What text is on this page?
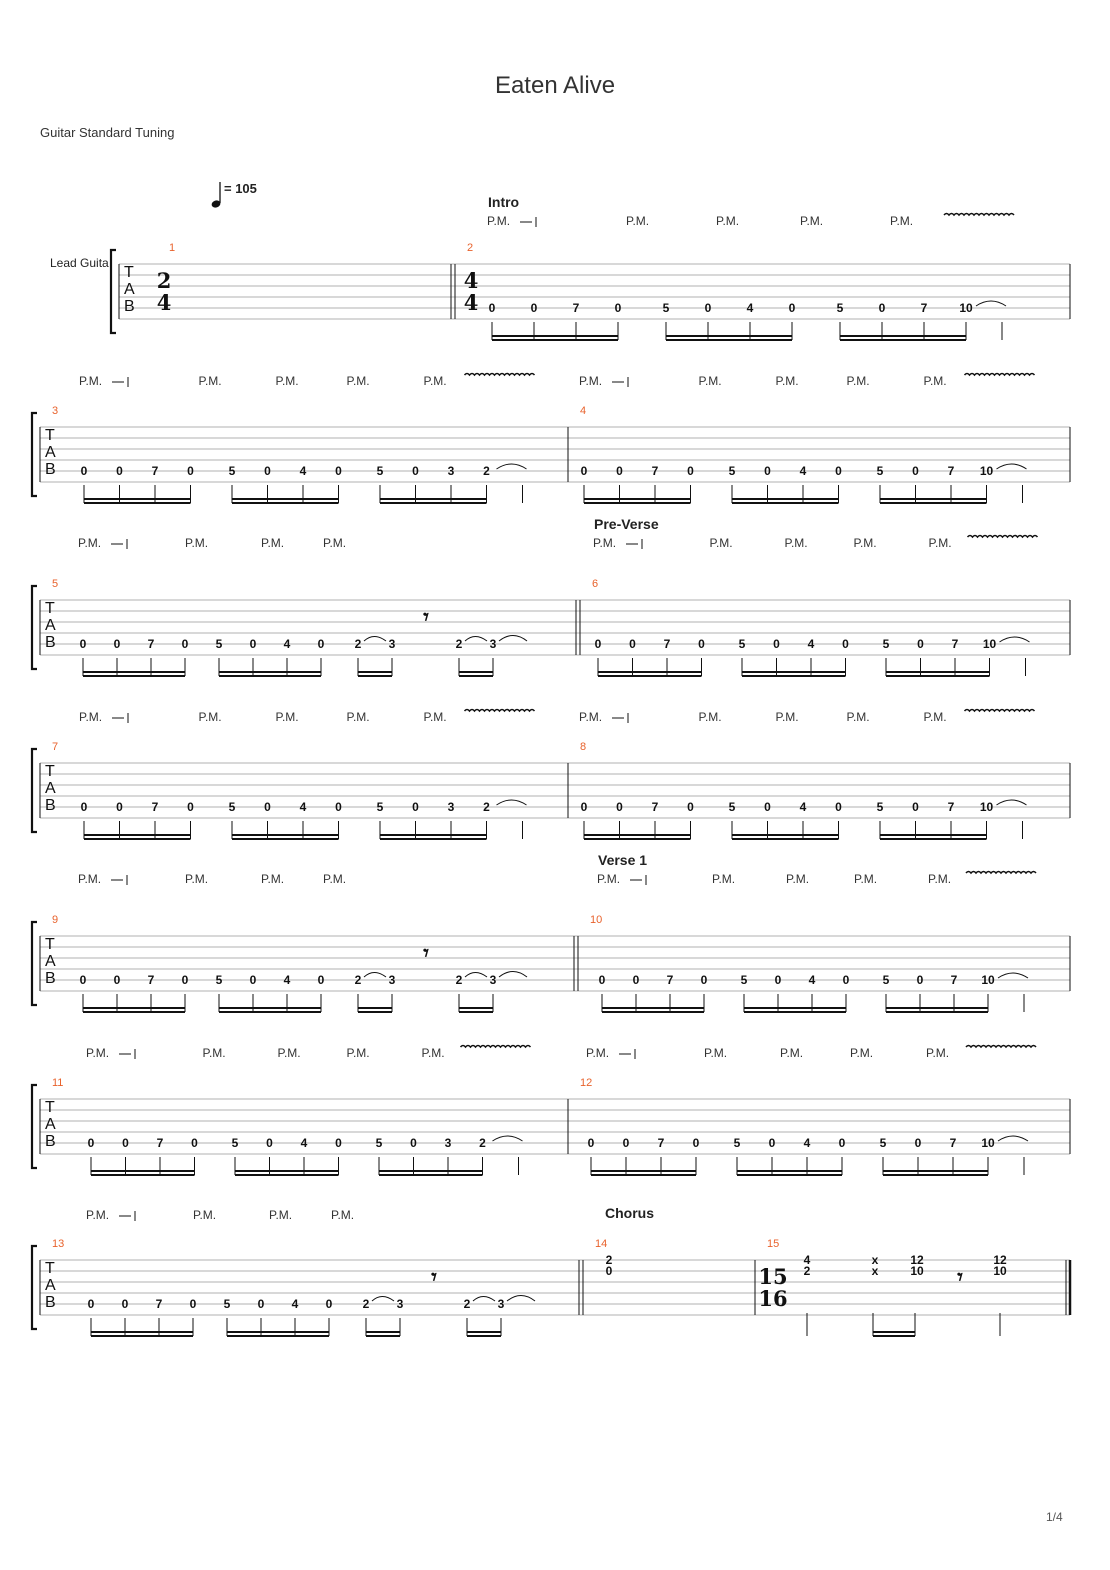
Eaten Alive
Guitar Standard Tuning
1/4
= 105
Lead Guita
T
A
B
1
2
4
2
Intro
4
4 0	0	7	0	5	0	4	0	5	0	7	10
P.M.	P.M.	P.M.	P.M.	P.M.
T
A
B
3
0 0 7 0	5 0 4 0	5 0 3 2
P.M.	P.M.	P.M.	P.M.	P.M.
4
0 0 7 0	5 0 4 0	5 0 7 10
P.M.	P.M.	P.M.	P.M.	P.M.
T
A
B
5
0 0 7 0 5 0 4 0	2 3	2 3
𝄾
P.M.	P.M.	P.M.	P.M.
6
Pre-Verse
0 0 7 0	5 0 4 0	5 0 7 10
P.M.	P.M.	P.M.	P.M.	P.M.
T
A
B
7
0 0 7 0	5 0 4 0	5 0 3 2
P.M.	P.M.	P.M.	P.M.	P.M.
8
0 0 7 0	5 0 4 0	5 0 7 10
P.M.	P.M.	P.M.	P.M.	P.M.
T
A
B
9
0 0 7 0 5 0 4 0	2 3	2 3
𝄾
P.M.	P.M.	P.M.	P.M.
10
Verse 1
0 0 7 0	5 0 4 0	5 0 7 10
P.M.	P.M.	P.M.	P.M.	P.M.
T
A
B
11
0 0 7 0	5 0 4 0	5 0 3 2
P.M.	P.M.	P.M.	P.M.	P.M.
12
0 0 7 0	5 0 4 0	5 0 7 10
P.M.	P.M.	P.M.	P.M.	P.M.
T
A
B
13
0 0 7 0 5 0 4 0	2 3	2 3
𝄾
P.M.	P.M.	P.M.	P.M.
14
Chorus
2
0
15
15
16
4
2
x
x
12
10
12
10
𝄾
